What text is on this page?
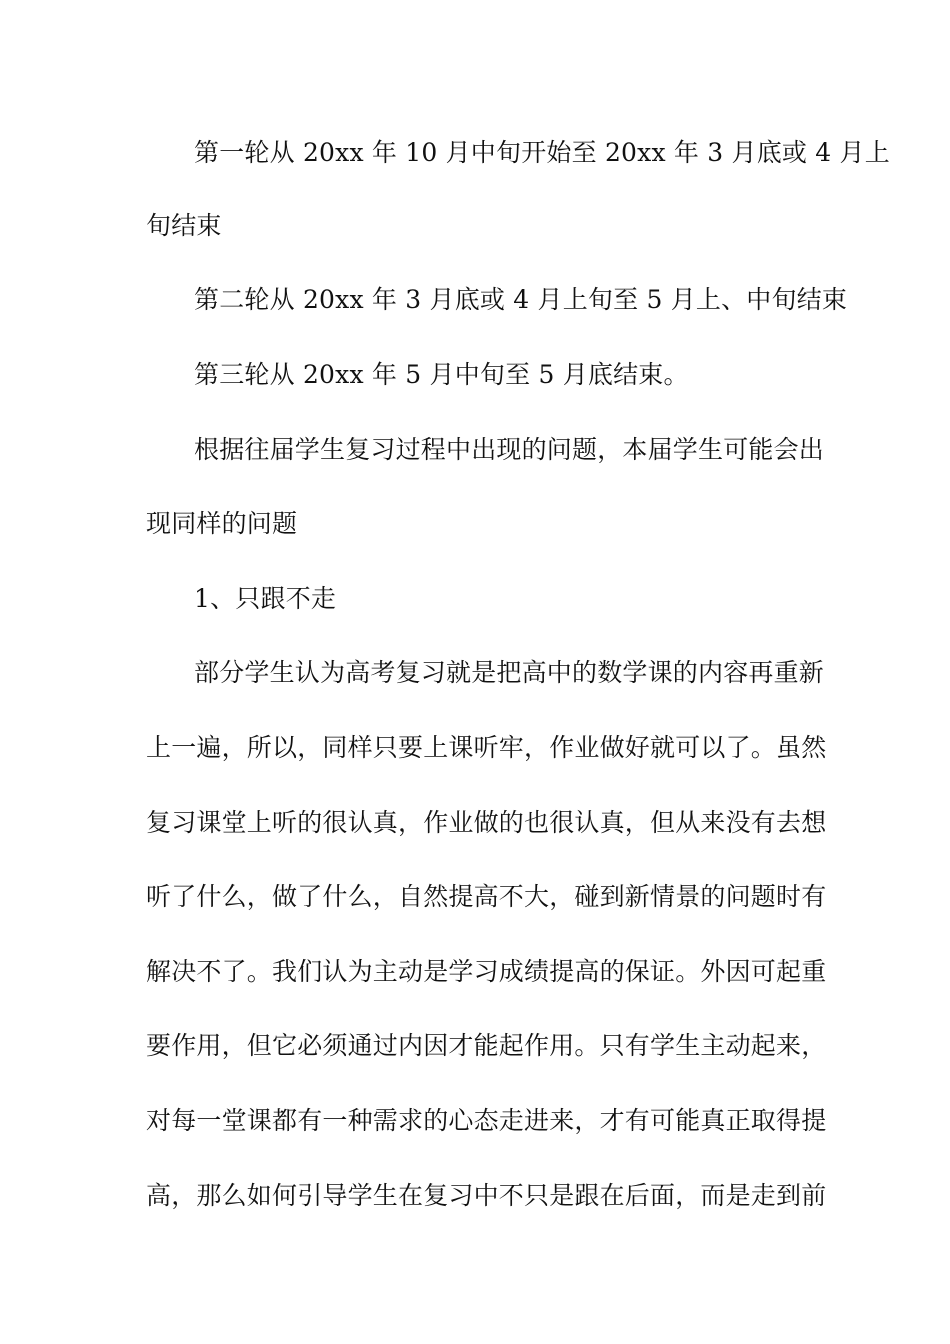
第一轮从 20xx 年 10 月中旬开始至 20xx 年 3 月底或 4 月上

旬结束

第二轮从 20xx 年 3 月底或 4 月上旬至 5 月上、中旬结束

第三轮从 20xx 年 5 月中旬至 5 月底结束。

根据往届学生复习过程中出现的问题，本届学生可能会出

现同样的问题

1、只跟不走

部分学生认为高考复习就是把高中的数学课的内容再重新

上一遍，所以，同样只要上课听牢，作业做好就可以了。虽然

复习课堂上听的很认真，作业做的也很认真，但从来没有去想

听了什么，做了什么，自然提高不大，碰到新情景的问题时有

解决不了。我们认为主动是学习成绩提高的保证。外因可起重

要作用，但它必须通过内因才能起作用。只有学生主动起来，

对每一堂课都有一种需求的心态走进来，才有可能真正取得提

高，那么如何引导学生在复习中不只是跟在后面，而是走到前
